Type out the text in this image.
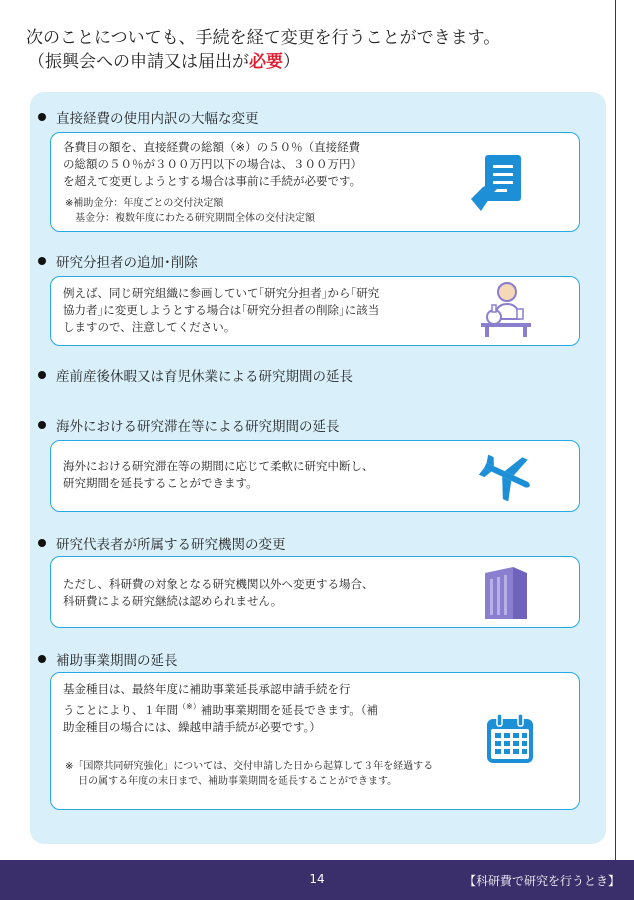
次のことについても、手続を経て変更を行うことができます。
（振興会への申請又は届出が必要）
直接経費の使用内訳の大幅な変更

各費目の額を、直接経費の総額（※）の５０％（直接経費

の総額の５０％が３００万円以下の場合は、３００万円）

を超えて変更しようとする場合は事前に手続が必要です。

※補助金分：年度ごとの交付決定額

　基金分：複数年度にわたる研究期間全体の交付決定額

研究分担者の追加･削除

例えば、同じ研究組織に参画していて｢研究分担者｣から｢研究

協力者｣に変更しようとする場合は｢研究分担者の削除｣に該当

しますので、注意してください。

産前産後休暇又は育児休業による研究期間の延長
海外における研究滞在等による研究期間の延長

海外における研究滞在等の期間に応じて柔軟に研究中断し、

研究期間を延長することができます。

研究代表者が所属する研究機関の変更

ただし、科研費の対象となる研究機関以外へ変更する場合、

科研費による研究継続は認められません。

補助事業期間の延長

基金種目は、最終年度に補助事業延長承認申請手続を行

うことにより、１年間（※）補助事業期間を延長できます。（補

助金種目の場合には、繰越申請手続が必要です。）

※「国際共同研究強化」については、交付申請した日から起算して３年を経過する

　 日の属する年度の末日まで、補助事業期間を延長することができます。

14	【科研費で研究を行うとき】
